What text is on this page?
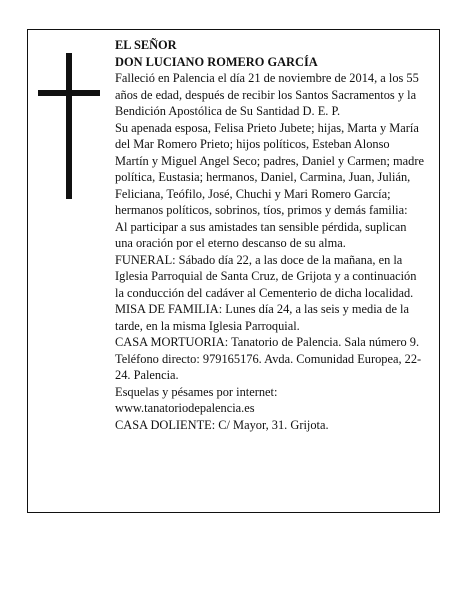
EL SEÑOR

DON LUCIANO ROMERO GARCÍA

Falleció en Palencia el día 21 de noviembre de 2014, a los 55 años de edad, después de recibir los Santos Sacramentos y la Bendición Apostólica de Su Santidad D. E. P.

Su apenada esposa, Felisa Prieto Jubete; hijas, Marta y María del Mar Romero Prieto; hijos políticos, Esteban Alonso Martín y Miguel Angel Seco; padres, Daniel y Carmen; madre política, Eustasia; hermanos, Daniel, Carmina, Juan, Julián, Feliciana, Teófilo, José, Chuchi y Mari Romero García; hermanos políticos, sobrinos, tíos, primos y demás familia:

Al participar a sus amistades tan sensible pérdida, suplican una oración por el eterno descanso de su alma.

FUNERAL: Sábado día 22, a las doce de la mañana, en la Iglesia Parroquial de Santa Cruz, de Grijota y a continuación la conducción del cadáver al Cementerio de dicha localidad.

MISA DE FAMILIA: Lunes día 24, a las seis y media de la tarde, en la misma Iglesia Parroquial.

CASA MORTUORIA: Tanatorio de Palencia. Sala número 9. Teléfono directo: 979165176. Avda. Comunidad Europea, 22-24. Palencia.

Esquelas y pésames por internet:

www.tanatoriodepalencia.es

CASA DOLIENTE: C/ Mayor, 31. Grijota.
